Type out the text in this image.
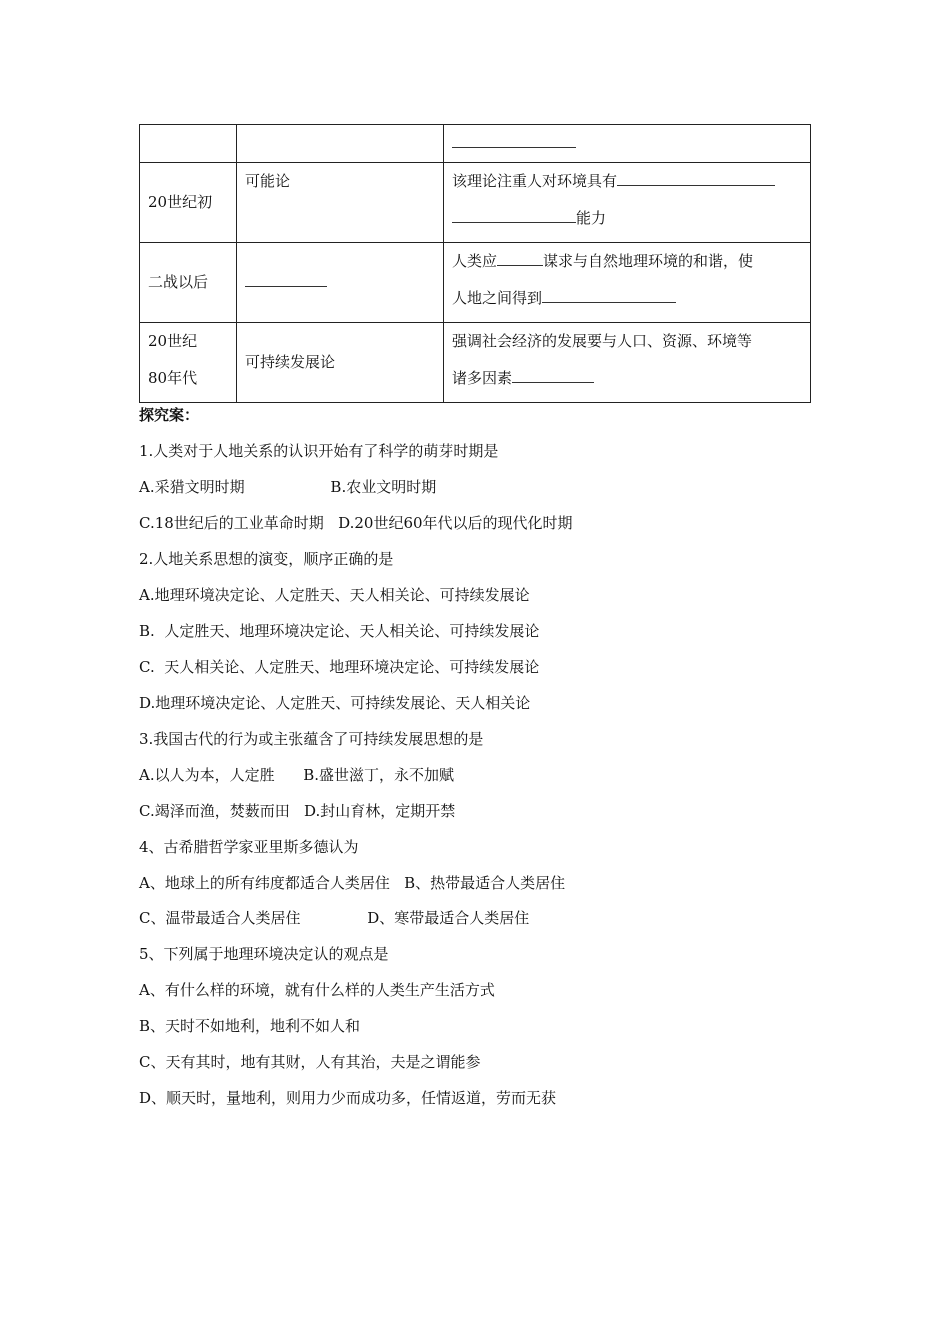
20世纪初	可能论	该理论注重人对环境具有
能力
二战以后		人类应 谋求与自然地理环境的和谐，使
人地之间得到
20世纪
80年代	可持续发展论	强调社会经济的发展要与人口、资源、环境等
诸多因素
探究案：
1.人类对于人地关系的认识开始有了科学的萌芽时期是
A.采猎文明时期                  B.农业文明时期
C.18世纪后的工业革命时期   D.20世纪60年代以后的现代化时期
2.人地关系思想的演变，顺序正确的是
A.地理环境决定论、人定胜天、天人相关论、可持续发展论
B.  人定胜天、地理环境决定论、天人相关论、可持续发展论
C.  天人相关论、人定胜天、地理环境决定论、可持续发展论
D.地理环境决定论、人定胜天、可持续发展论、天人相关论
3.我国古代的行为或主张蕴含了可持续发展思想的是
A.以人为本，人定胜      B.盛世滋丁，永不加赋
C.竭泽而渔，焚薮而田   D.封山育林，定期开禁
4、古希腊哲学家亚里斯多德认为
A、地球上的所有纬度都适合人类居住   B、热带最适合人类居住
C、温带最适合人类居住              D、寒带最适合人类居住
5、下列属于地理环境决定认的观点是
A、有什么样的环境，就有什么样的人类生产生活方式
B、天时不如地利，地利不如人和
C、天有其时，地有其财，人有其治，夫是之谓能参
D、顺天时，量地利，则用力少而成功多，任情返道，劳而无获
